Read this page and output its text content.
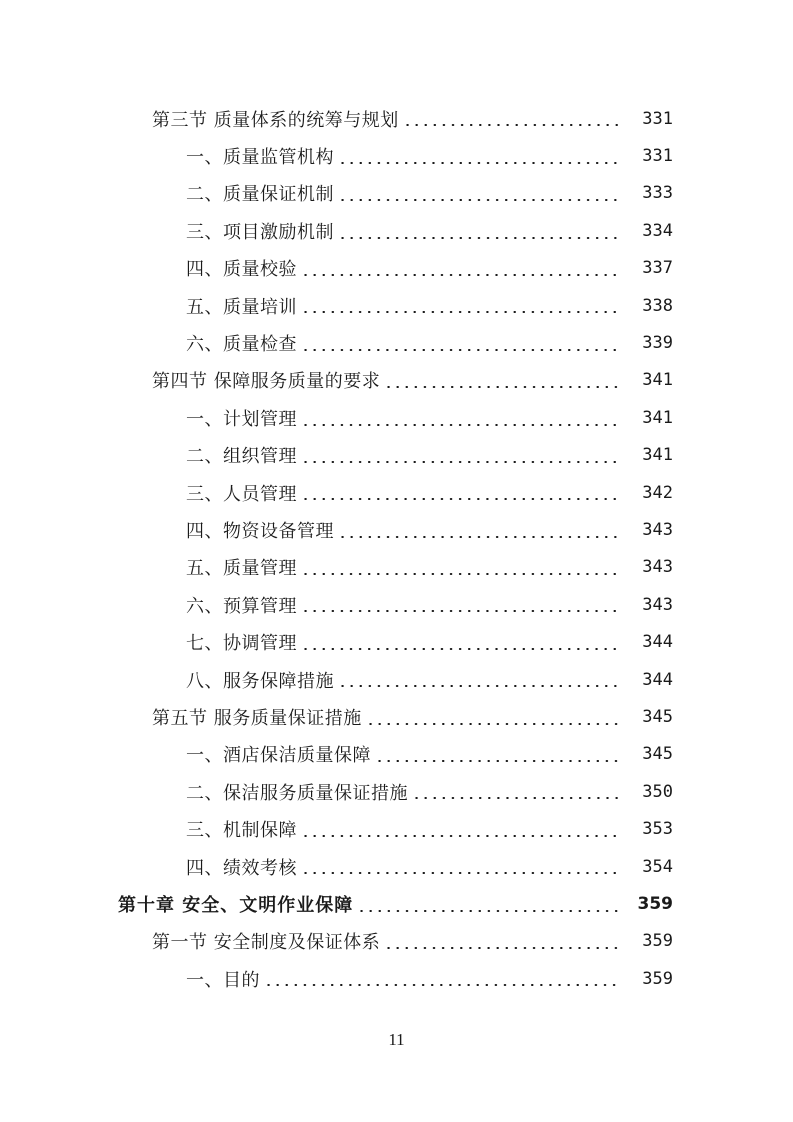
第三节 质量体系的统筹与规划	331
一、质量监管机构	331
二、质量保证机制	333
三、项目激励机制	334
四、质量校验	337
五、质量培训	338
六、质量检查	339
第四节 保障服务质量的要求	341
一、计划管理	341
二、组织管理	341
三、人员管理	342
四、物资设备管理	343
五、质量管理	343
六、预算管理	343
七、协调管理	344
八、服务保障措施	344
第五节 服务质量保证措施	345
一、酒店保洁质量保障	345
二、保洁服务质量保证措施	350
三、机制保障	353
四、绩效考核	354
第十章 安全、文明作业保障	359
第一节 安全制度及保证体系	359
一、目的	359
11
